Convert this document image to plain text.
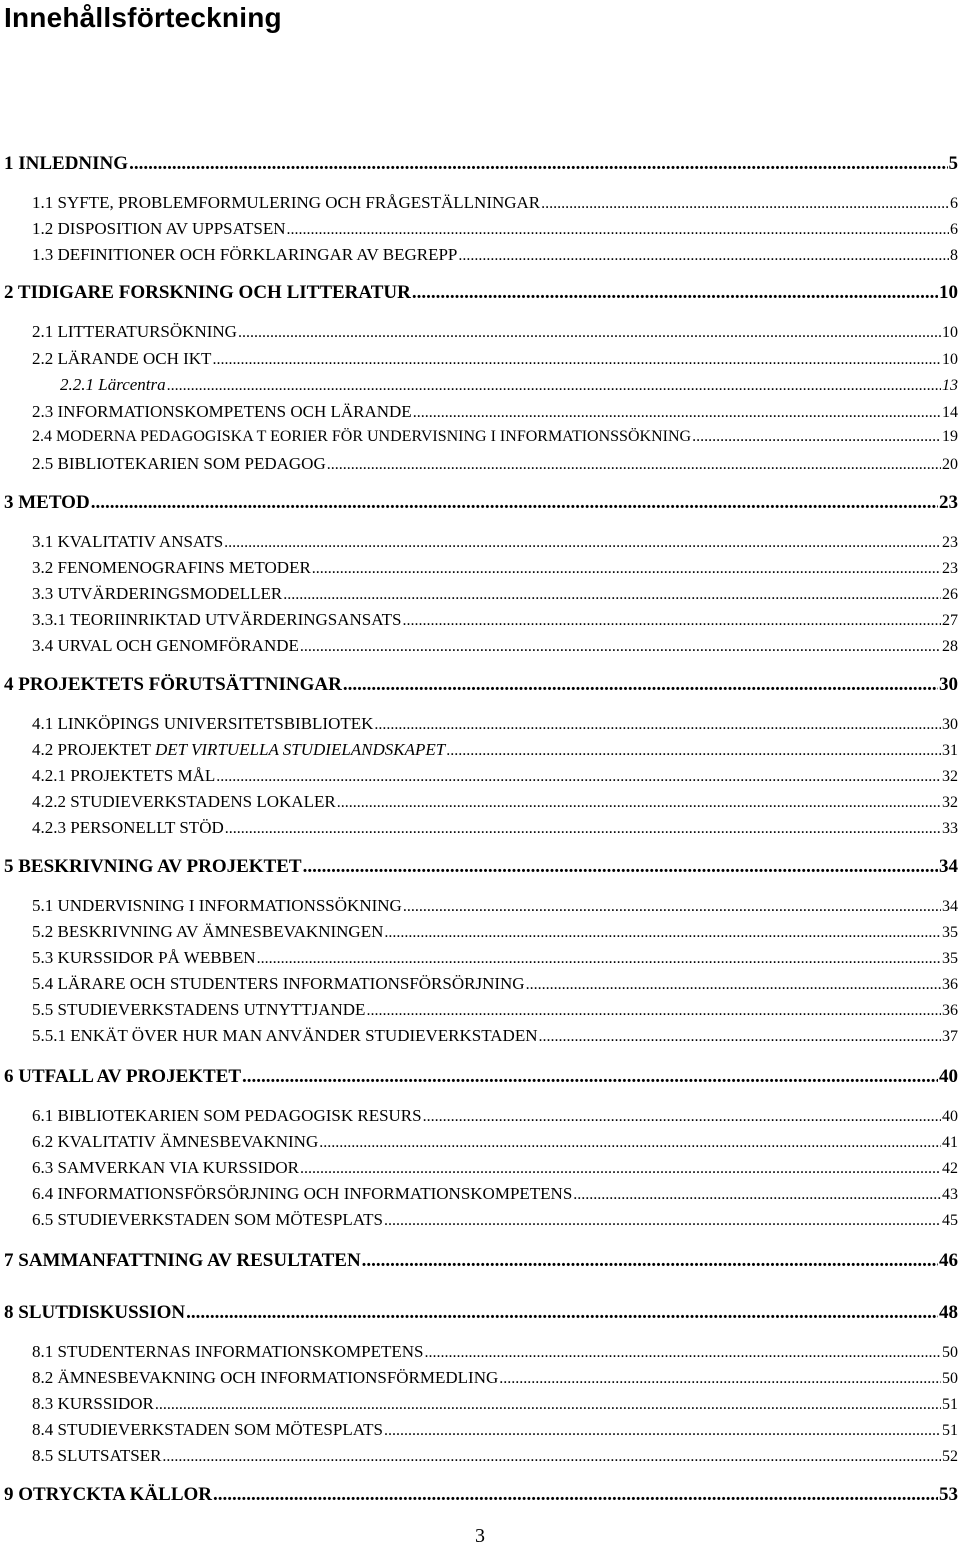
Innehållsförteckning
1 INLEDNING .....	5
1.1 SYFTE, PROBLEMFORMULERING OCH FRÅGESTÄLLNINGAR .....	6
1.2 DISPOSITION AV UPPSATSEN .....	6
1.3 DEFINITIONER OCH FÖRKLARINGAR AV BEGREPP .....	8
2 TIDIGARE FORSKNING OCH LITTERATUR .....	10
2.1 LITTERATURSÖKNING .....	10
2.2 LÄRANDE OCH IKT .....	10
2.2.1 Lärcentra .....	13
2.3 INFORMATIONSKOMPETENS OCH LÄRANDE .....	14
2.4 MODERNA PEDAGOGISKA T EORIER FÖR UNDERVISNING I INFORMATIONSSÖKNING .....	19
2.5 BIBLIOTEKARIEN SOM PEDAGOG .....	20
3 METOD .....	23
3.1 KVALITATIV ANSATS .....	23
3.2 FENOMENOGRAFINS METODER .....	23
3.3 UTVÄRDERINGSMODELLER .....	26
3.3.1 TEORIINRIKTAD UTVÄRDERINGSANSATS .....	27
3.4 URVAL OCH GENOMFÖRANDE .....	28
4 PROJEKTETS FÖRUTSÄTTNINGAR .....	30
4.1 LINKÖPINGS UNIVERSITETSBIBLIOTEK .....	30
4.2 PROJEKTET DET VIRTUELLA STUDIELANDSKAPET .....	31
4.2.1 PROJEKTETS MÅL .....	32
4.2.2 STUDIEVERKSTADENS LOKALER .....	32
4.2.3 PERSONELLT STÖD .....	33
5 BESKRIVNING AV PROJEKTET .....	34
5.1 UNDERVISNING I INFORMATIONSSÖKNING .....	34
5.2 BESKRIVNING AV ÄMNESBEVAKNINGEN .....	35
5.3 KURSSIDOR PÅ WEBBEN .....	35
5.4 LÄRARE OCH STUDENTERS INFORMATIONSFÖRSÖRJNING .....	36
5.5 STUDIEVERKSTADENS UTNYTTJANDE .....	36
5.5.1 ENKÄT ÖVER HUR MAN ANVÄNDER STUDIEVERKSTADEN .....	37
6 UTFALL AV PROJEKTET .....	40
6.1 BIBLIOTEKARIEN SOM PEDAGOGISK RESURS .....	40
6.2 KVALITATIV ÄMNESBEVAKNING .....	41
6.3 SAMVERKAN VIA KURSSIDOR .....	42
6.4 INFORMATIONSFÖRSÖRJNING OCH INFORMATIONSKOMPETENS .....	43
6.5 STUDIEVERKSTADEN SOM MÖTESPLATS .....	45
7 SAMMANFATTNING AV RESULTATEN .....	46
8 SLUTDISKUSSION .....	48
8.1 STUDENTERNAS INFORMATIONSKOMPETENS .....	50
8.2 ÄMNESBEVAKNING OCH INFORMATIONSFÖRMEDLING .....	50
8.3 KURSSIDOR .....	51
8.4 STUDIEVERKSTADEN SOM MÖTESPLATS .....	51
8.5 SLUTSATSER .....	52
9 OTRYCKTA KÄLLOR .....	53
3
